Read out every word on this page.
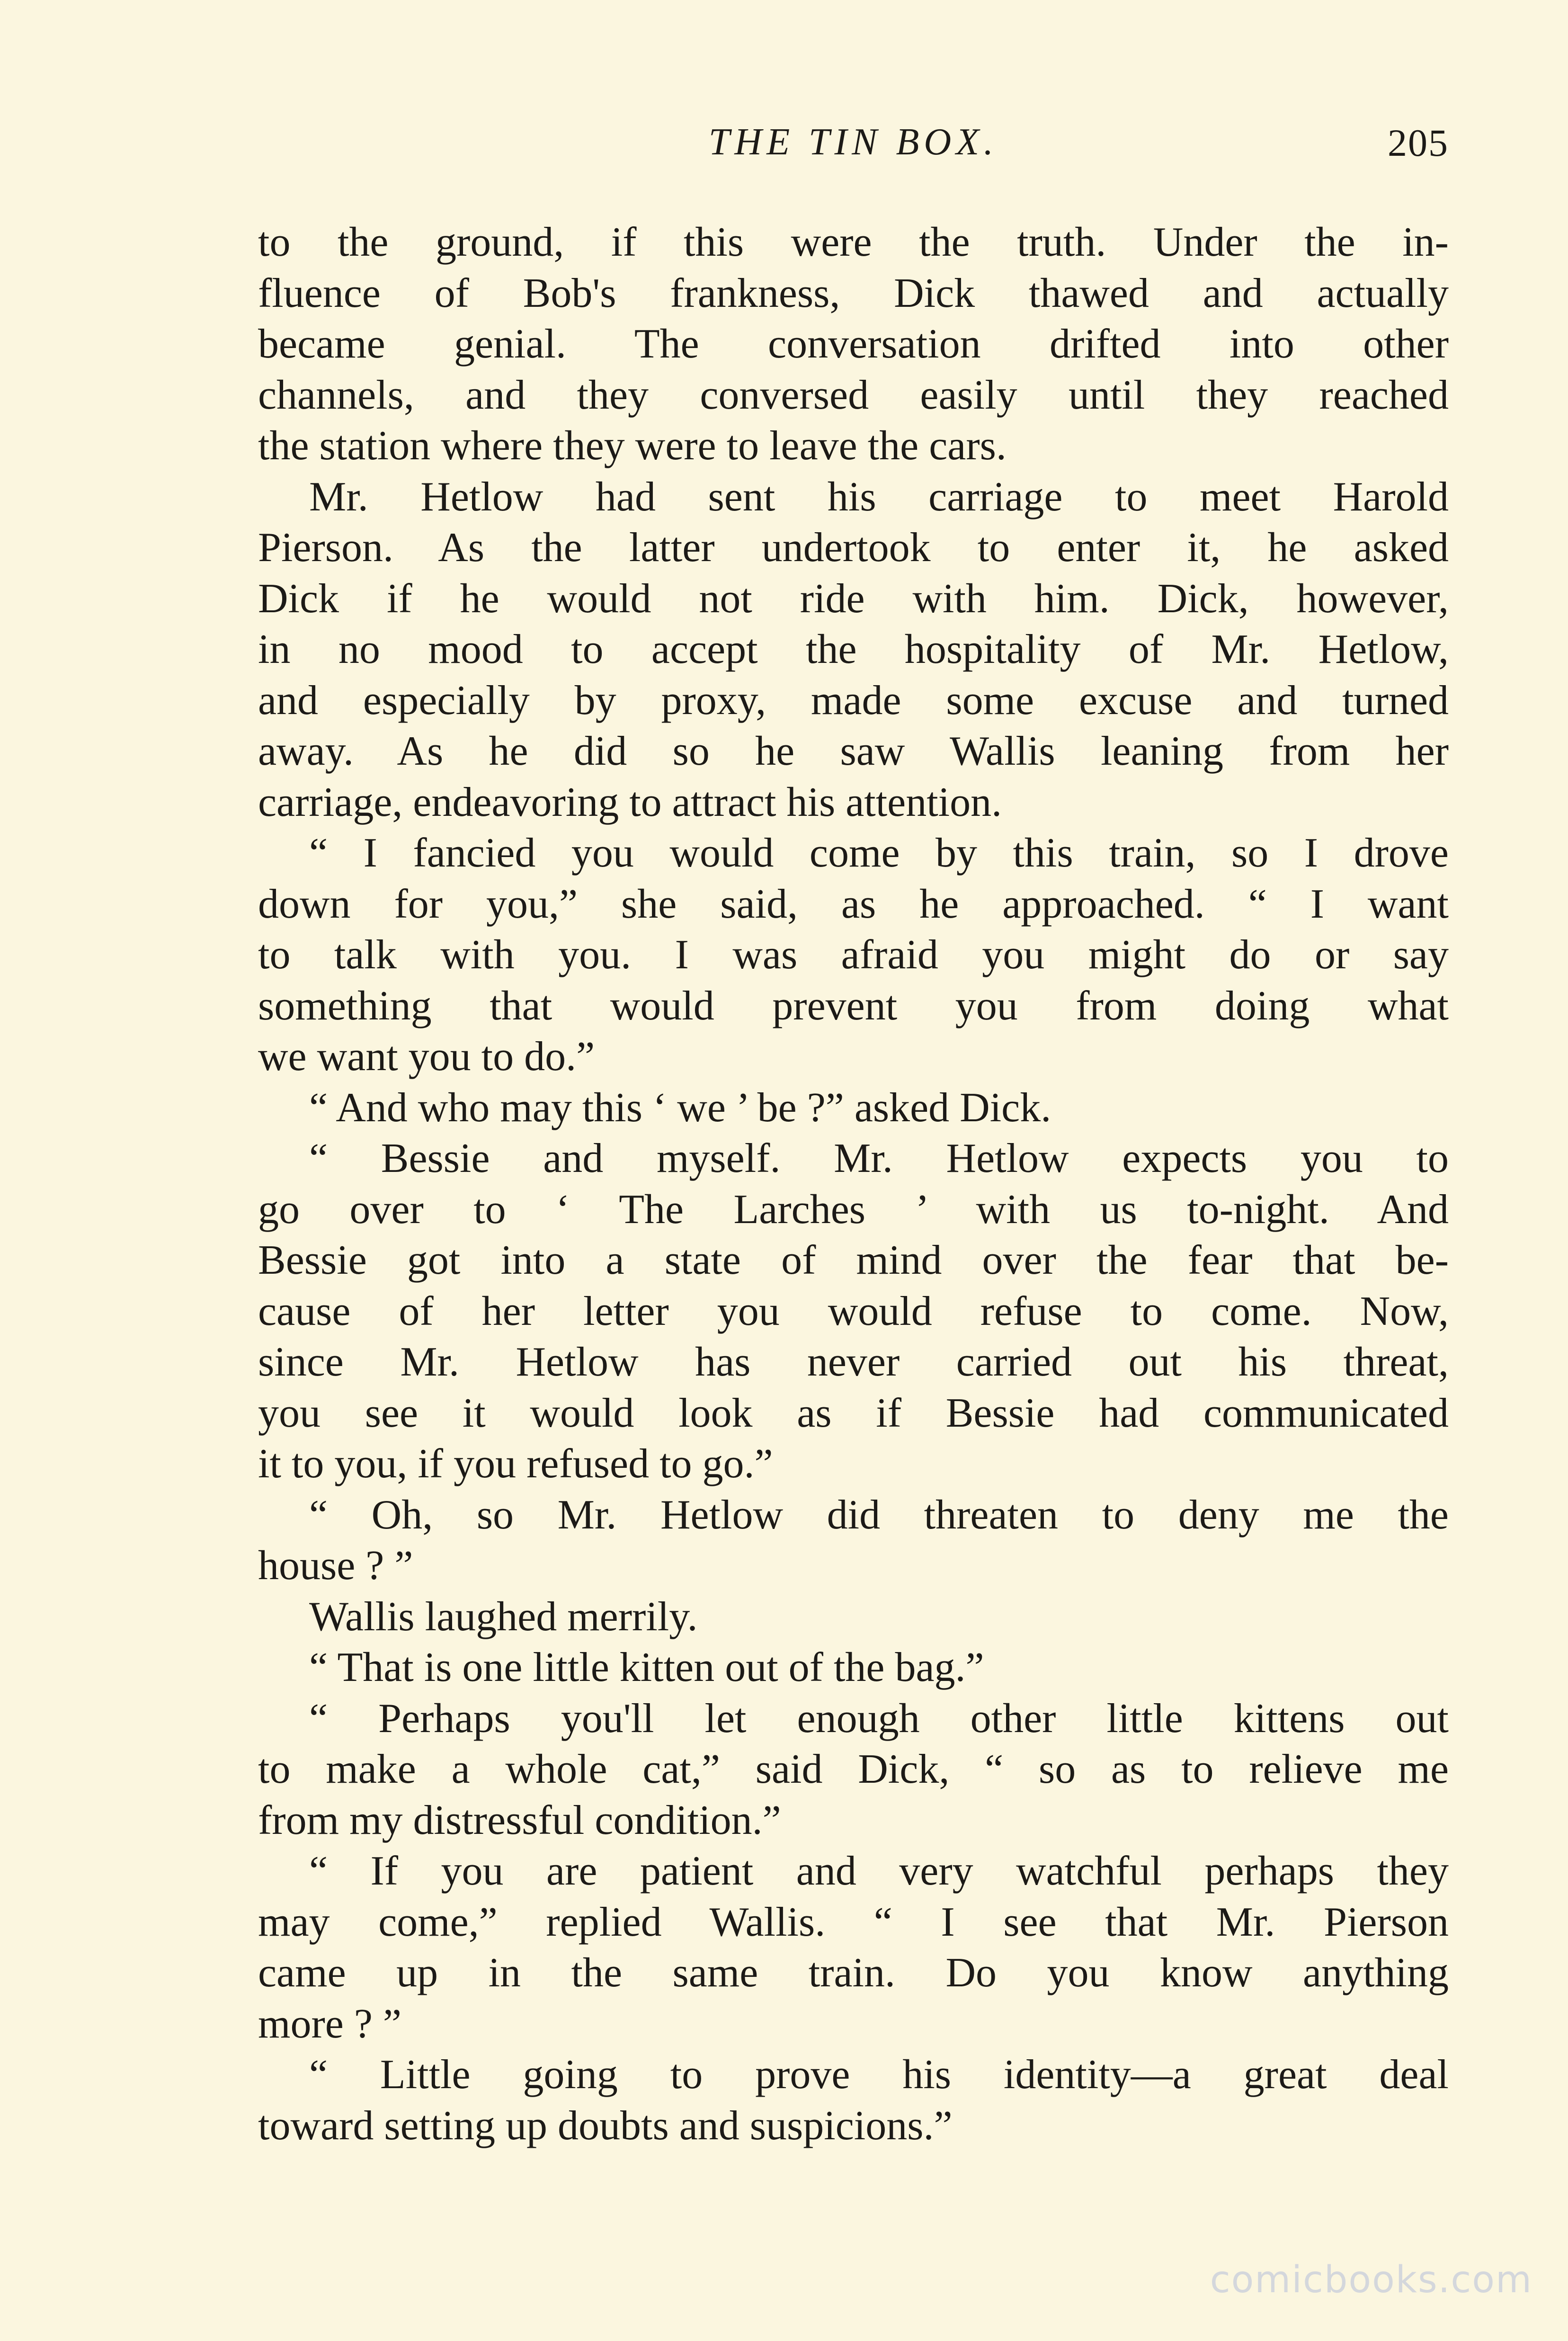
THE TIN BOX.	205
to the ground, if this were the truth. Under the in-
fluence of Bob's frankness, Dick thawed and actually
became genial. The conversation drifted into other
channels, and they conversed easily until they reached
the station where they were to leave the cars.
Mr. Hetlow had sent his carriage to meet Harold
Pierson. As the latter undertook to enter it, he asked
Dick if he would not ride with him. Dick, however,
in no mood to accept the hospitality of Mr. Hetlow,
and especially by proxy, made some excuse and turned
away. As he did so he saw Wallis leaning from her
carriage, endeavoring to attract his attention.
“ I fancied you would come by this train, so I drove
down for you,” she said, as he approached. “ I want
to talk with you. I was afraid you might do or say
something that would prevent you from doing what
we want you to do.”
“ And who may this ‘ we ’ be ?” asked Dick.
“ Bessie and myself. Mr. Hetlow expects you to
go over to ‘ The Larches ’ with us to-night. And
Bessie got into a state of mind over the fear that be-
cause of her letter you would refuse to come. Now,
since Mr. Hetlow has never carried out his threat,
you see it would look as if Bessie had communicated
it to you, if you refused to go.”
“ Oh, so Mr. Hetlow did threaten to deny me the
house ? ”
Wallis laughed merrily.
“ That is one little kitten out of the bag.”
“ Perhaps you'll let enough other little kittens out
to make a whole cat,” said Dick, “ so as to relieve me
from my distressful condition.”
“ If you are patient and very watchful perhaps they
may come,” replied Wallis. “ I see that Mr. Pierson
came up in the same train. Do you know anything
more ? ”
“ Little going to prove his identity—a great deal
toward setting up doubts and suspicions.”
comicbooks.com
